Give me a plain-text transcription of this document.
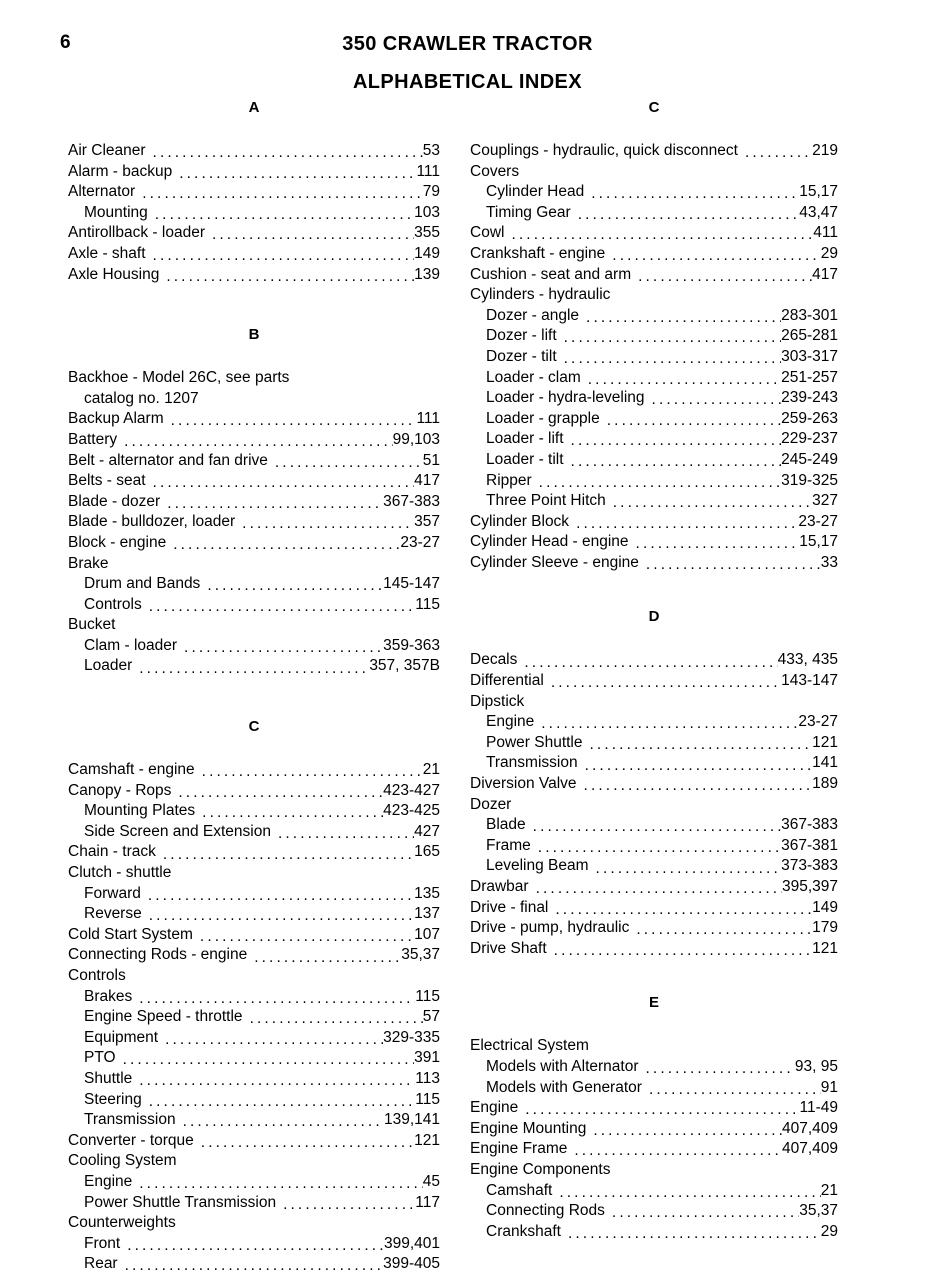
6	350 CRAWLER TRACTOR
ALPHABETICAL INDEX
A
Air Cleaner . . .	53
Alarm - backup . . .	111
Alternator . . .	79
Mounting . . .	103
Antirollback - loader . . .	355
Axle - shaft . . .	149
Axle Housing . . .	139
B
Backhoe - Model 26C, see parts
catalog no. 1207
Backup Alarm . . .	111
Battery . . .	99,103
Belt - alternator and fan drive . . .	51
Belts - seat . . .	417
Blade - dozer . . .	367-383
Blade - bulldozer, loader . . .	357
Block - engine . . .	23-27
Brake
Drum and Bands . . .	145-147
Controls . . .	115
Bucket
Clam - loader . . .	359-363
Loader . . .	357, 357B
C
Camshaft - engine . . .	21
Canopy - Rops . . .	423-427
Mounting Plates . . .	423-425
Side Screen and Extension . . .	427
Chain - track . . .	165
Clutch - shuttle
Forward . . .	135
Reverse . . .	137
Cold Start System . . .	107
Connecting Rods - engine . . .	35,37
Controls
Brakes . . .	115
Engine Speed - throttle . . .	57
Equipment . . .	329-335
PTO . . .	391
Shuttle . . .	113
Steering . . .	115
Transmission . . .	139,141
Converter - torque . . .	121
Cooling System
Engine . . .	45
Power Shuttle Transmission . . .	117
Counterweights
Front . . .	399,401
Rear . . .	399-405
C
Couplings - hydraulic, quick disconnect . . .	219
Covers
Cylinder Head . . .	15,17
Timing Gear . . .	43,47
Cowl . . .	411
Crankshaft - engine . . .	29
Cushion - seat and arm . . .	417
Cylinders - hydraulic
Dozer - angle . . .	283-301
Dozer - lift . . .	265-281
Dozer - tilt . . .	303-317
Loader - clam . . .	251-257
Loader - hydra-leveling . . .	239-243
Loader - grapple . . .	259-263
Loader - lift . . .	229-237
Loader - tilt . . .	245-249
Ripper . . .	319-325
Three Point Hitch . . .	327
Cylinder Block . . .	23-27
Cylinder Head - engine . . .	15,17
Cylinder Sleeve - engine . . .	33
D
Decals . . .	433, 435
Differential . . .	143-147
Dipstick
Engine . . .	23-27
Power Shuttle . . .	121
Transmission . . .	141
Diversion Valve . . .	189
Dozer
Blade . . .	367-383
Frame . . .	367-381
Leveling Beam . . .	373-383
Drawbar . . .	395,397
Drive - final . . .	149
Drive - pump, hydraulic . . .	179
Drive Shaft . . .	121
E
Electrical System
Models with Alternator . . .	93, 95
Models with Generator . . .	91
Engine . . .	11-49
Engine Mounting . . .	407,409
Engine Frame . . .	407,409
Engine Components
Camshaft . . .	21
Connecting Rods . . .	35,37
Crankshaft . . .	29
